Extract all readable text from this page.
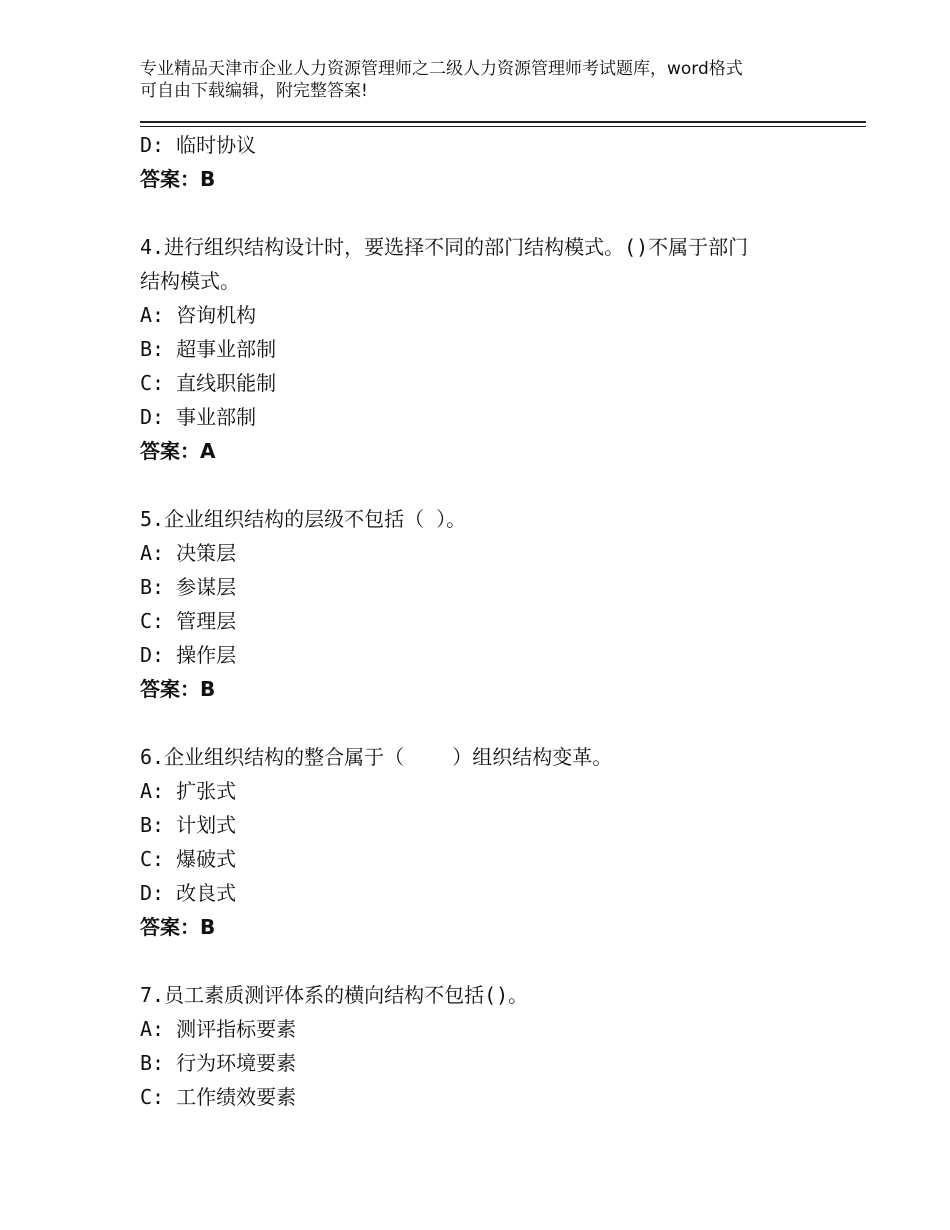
专业精品天津市企业人力资源管理师之二级人力资源管理师考试题库，word格式
可自由下载编辑，附完整答案!
D: 临时协议
答案：B
4.进行组织结构设计时，要选择不同的部门结构模式。()不属于部门
结构模式。
A: 咨询机构
B: 超事业部制
C: 直线职能制
D: 事业部制
答案：A
5.企业组织结构的层级不包括（ ）。
A: 决策层
B: 参谋层
C: 管理层
D: 操作层
答案：B
6.企业组织结构的整合属于（    ）组织结构变革。
A: 扩张式
B: 计划式
C: 爆破式
D: 改良式
答案：B
7.员工素质测评体系的横向结构不包括()。
A: 测评指标要素
B: 行为环境要素
C: 工作绩效要素
